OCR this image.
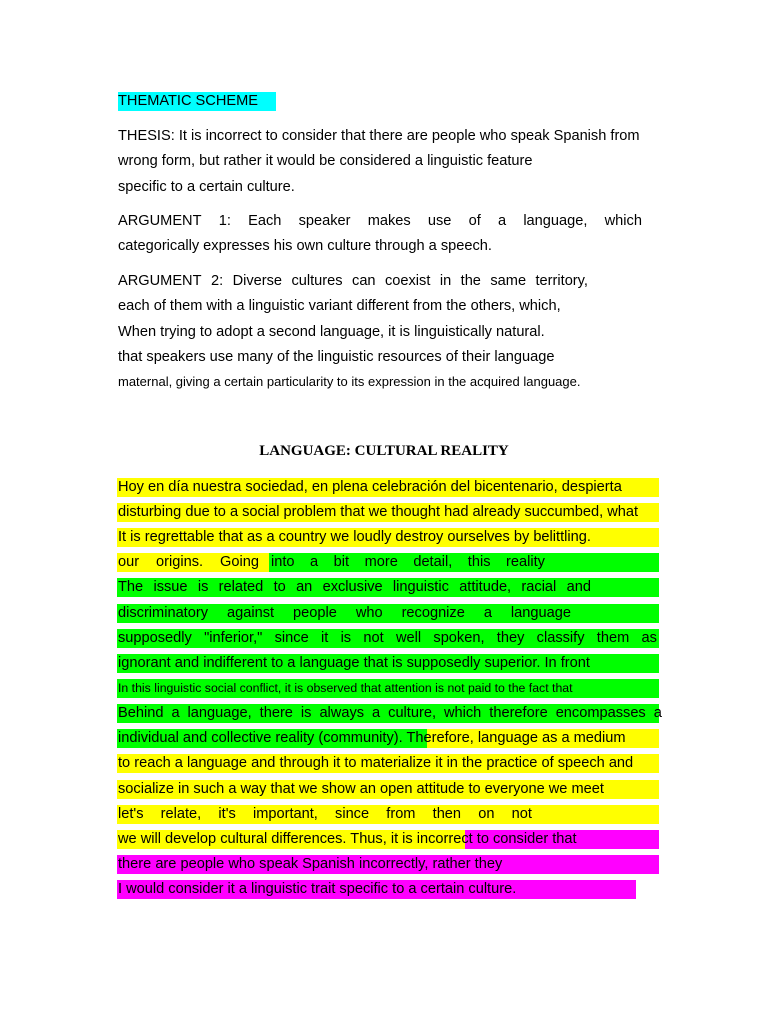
THEMATIC SCHEME
THESIS: It is incorrect to consider that there are people who speak Spanish from
wrong form, but rather it would be considered a linguistic feature
specific to a certain culture.
ARGUMENT 1: Each speaker makes use of a language, which
categorically expresses his own culture through a speech.
ARGUMENT 2: Diverse cultures can coexist in the same territory,
each of them with a linguistic variant different from the others, which,
When trying to adopt a second language, it is linguistically natural.
that speakers use many of the linguistic resources of their language
maternal, giving a certain particularity to its expression in the acquired language.
LANGUAGE: CULTURAL REALITY
Hoy en día nuestra sociedad, en plena celebración del bicentenario, despierta
disturbing due to a social problem that we thought had already succumbed, what
It is regrettable that as a country we loudly destroy ourselves by belittling.
our origins. Going into a bit more detail, this reality
The issue is related to an exclusive linguistic attitude, racial and
discriminatory against people who recognize a language
supposedly "inferior," since it is not well spoken, they classify them as
ignorant and indifferent to a language that is supposedly superior. In front
In this linguistic social conflict, it is observed that attention is not paid to the fact that
Behind a language, there is always a culture, which therefore encompasses a
individual and collective reality (community). Therefore, language as a medium
to reach a language and through it to materialize it in the practice of speech and
socialize in such a way that we show an open attitude to everyone we meet
let's relate, it's important, since from then on not
we will develop cultural differences. Thus, it is incorrect to consider that
there are people who speak Spanish incorrectly, rather they
I would consider it a linguistic trait specific to a certain culture.
